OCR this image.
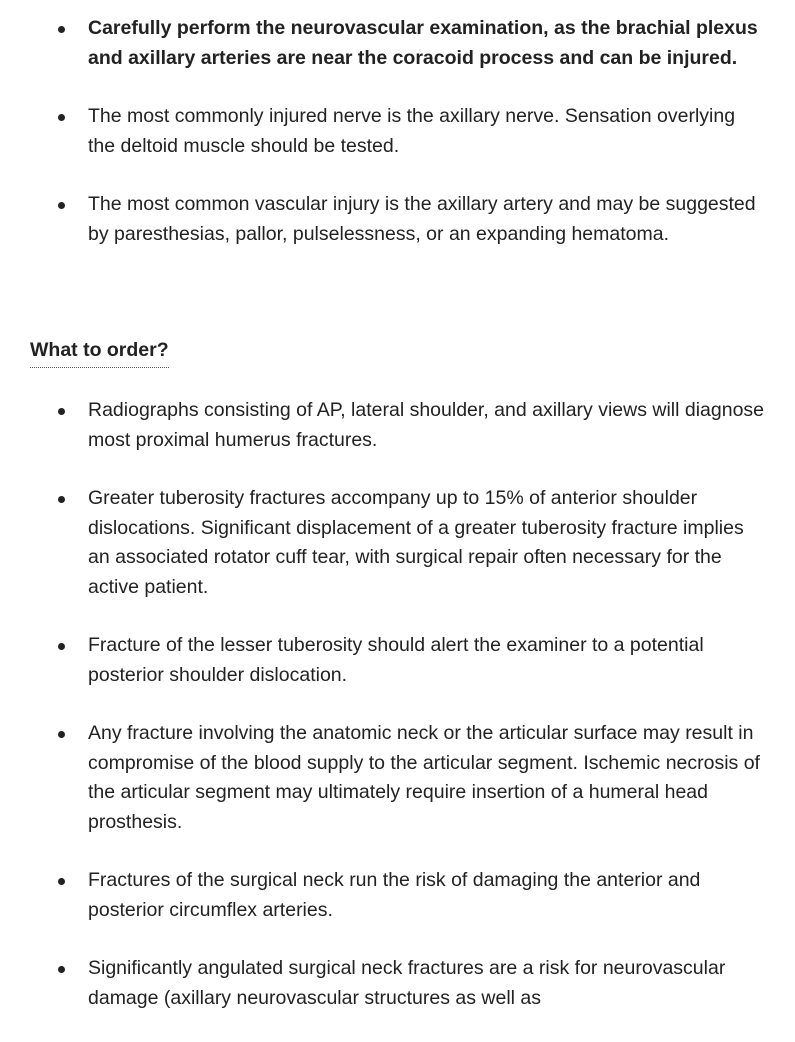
Carefully perform the neurovascular examination, as the brachial plexus and axillary arteries are near the coracoid process and can be injured.
The most commonly injured nerve is the axillary nerve. Sensation overlying the deltoid muscle should be tested.
The most common vascular injury is the axillary artery and may be suggested by paresthesias, pallor, pulselessness, or an expanding hematoma.
What to order?
Radiographs consisting of AP, lateral shoulder, and axillary views will diagnose most proximal humerus fractures.
Greater tuberosity fractures accompany up to 15% of anterior shoulder dislocations. Significant displacement of a greater tuberosity fracture implies an associated rotator cuff tear, with surgical repair often necessary for the active patient.
Fracture of the lesser tuberosity should alert the examiner to a potential posterior shoulder dislocation.
Any fracture involving the anatomic neck or the articular surface may result in compromise of the blood supply to the articular segment. Ischemic necrosis of the articular segment may ultimately require insertion of a humeral head prosthesis.
Fractures of the surgical neck run the risk of damaging the anterior and posterior circumflex arteries.
Significantly angulated surgical neck fractures are a risk for neurovascular damage (axillary neurovascular structures as well as
